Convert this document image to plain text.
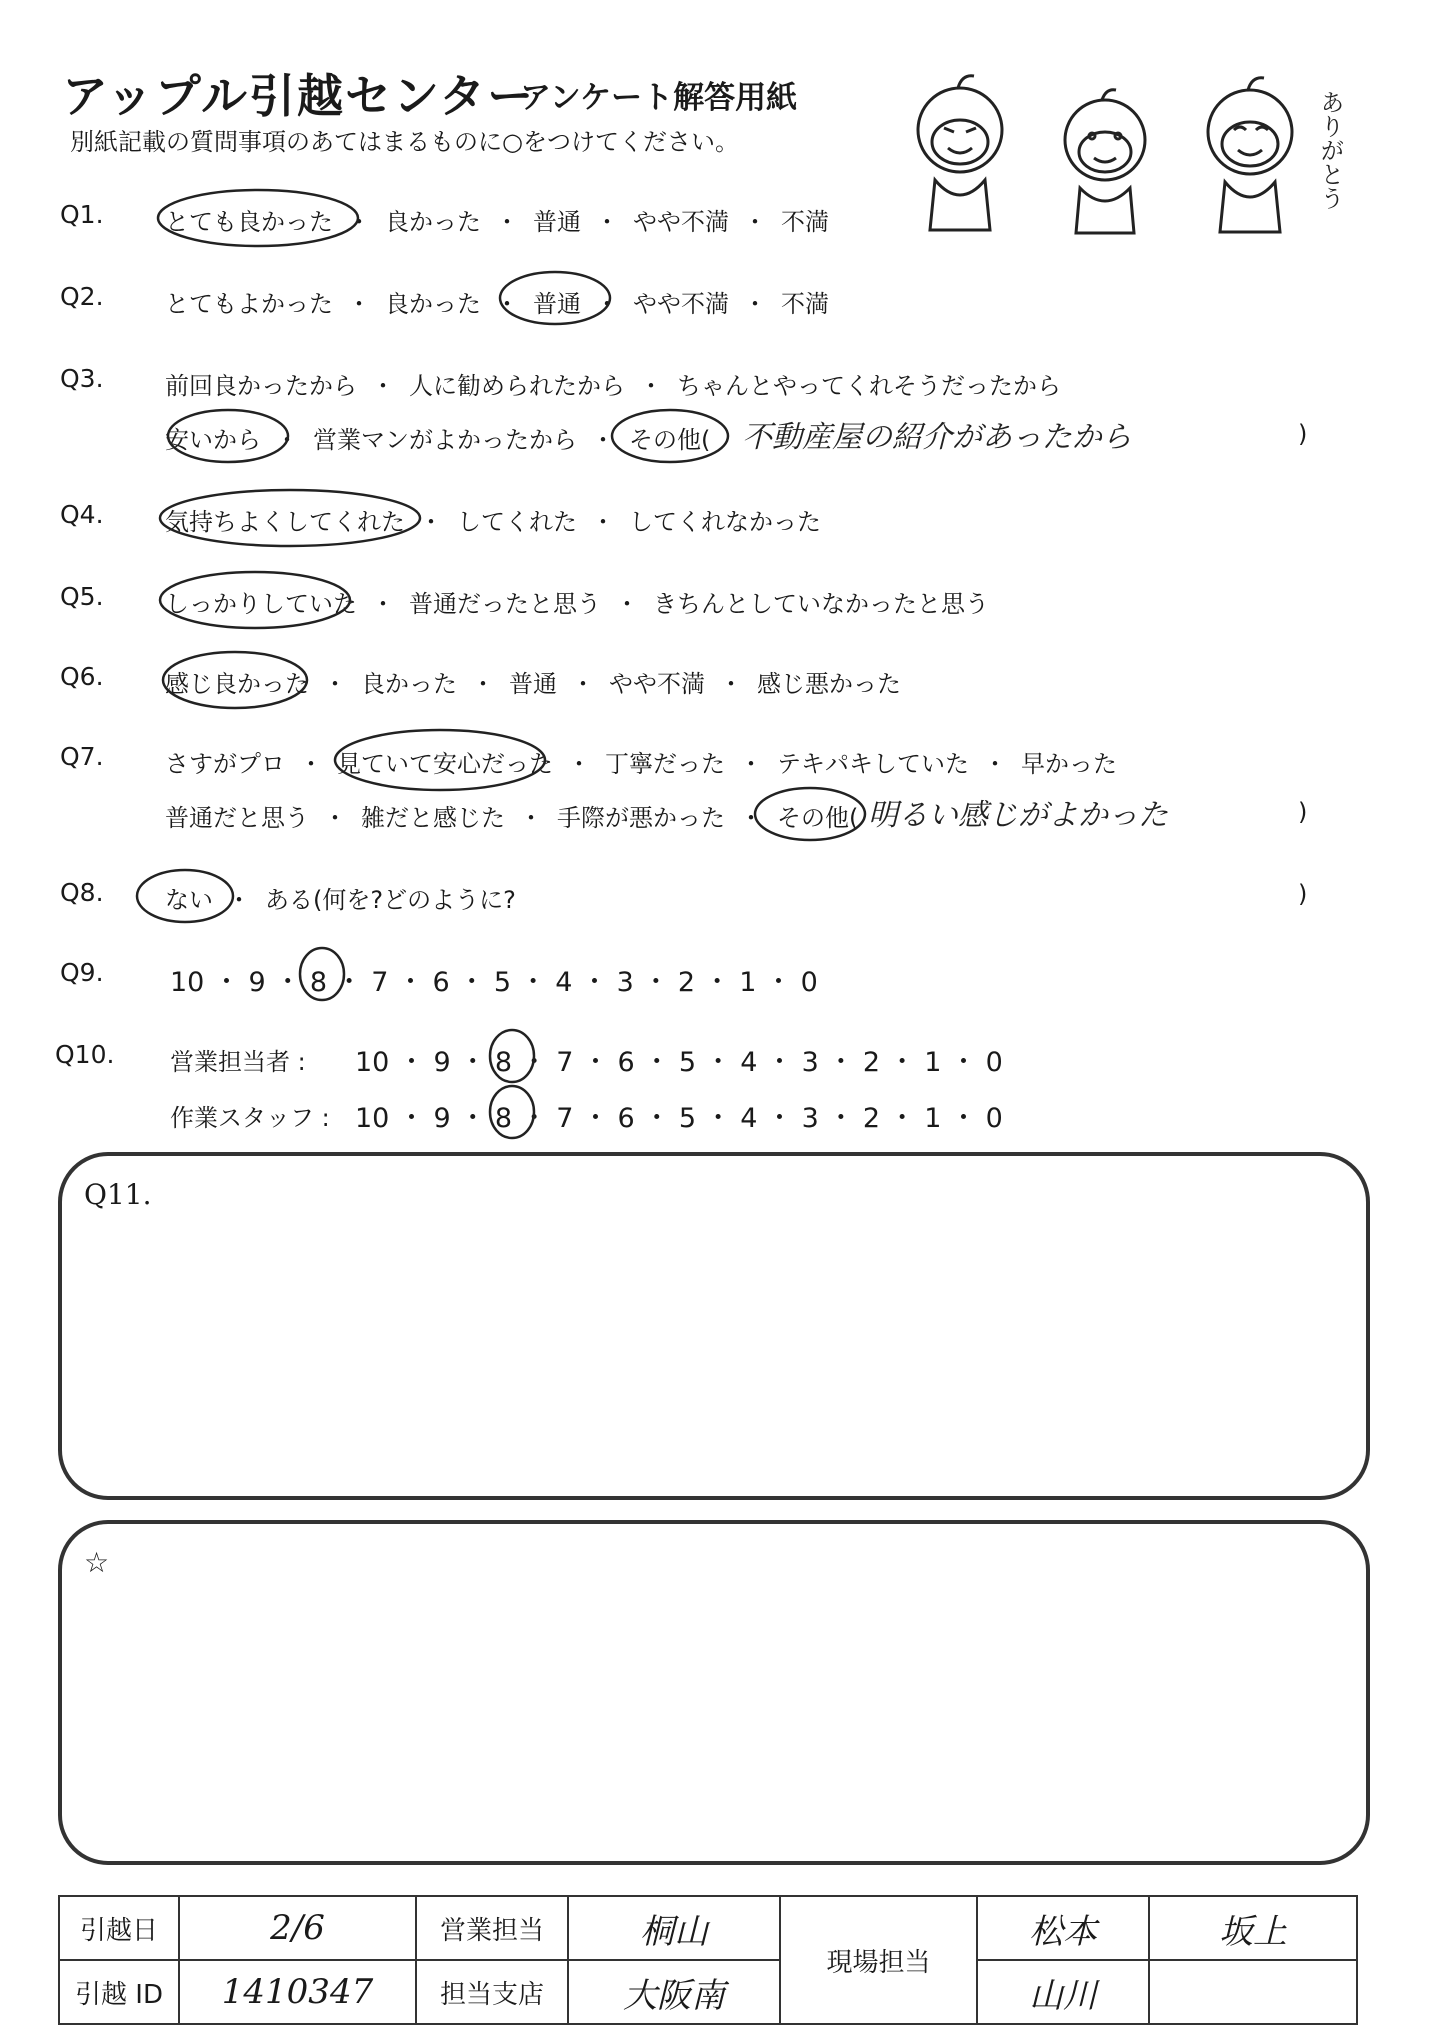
アップル引越センター
アンケート解答用紙
別紙記載の質問事項のあてはまるものに○をつけてください。	ありがとう
Q1.	とても良かった ・ 良かった ・ 普通 ・ やや不満 ・ 不満
Q2.	とてもよかった ・ 良かった ・ 普通 ・ やや不満 ・ 不満
Q3.	前回良かったから ・ 人に勧められたから ・ ちゃんとやってくれそうだったから
安いから ・ 営業マンがよかったから ・ その他( 不動産屋の紹介があったから	)
Q4.	気持ちよくしてくれた ・ してくれた ・ してくれなかった
Q5.	しっかりしていた ・ 普通だったと思う ・ きちんとしていなかったと思う
Q6.	感じ良かった ・ 良かった ・ 普通 ・ やや不満 ・ 感じ悪かった
Q7.	さすがプロ ・ 見ていて安心だった ・ 丁寧だった ・ テキパキしていた ・ 早かった
普通だと思う ・ 雑だと感じた ・ 手際が悪かった ・ その他( 明るい感じがよかった	)
Q8.	ない ・ ある(何を?どのように?	)
Q9. 10 ・ 9 ・ 8 ・ 7 ・ 6 ・ 5 ・ 4 ・ 3 ・ 2 ・ 1 ・ 0
Q10. 営業担当者 : 10 ・ 9 ・ 8 ・ 7 ・ 6 ・ 5 ・ 4 ・ 3 ・ 2 ・ 1 ・ 0
作業スタッフ : 10 ・ 9 ・ 8 ・ 7 ・ 6 ・ 5 ・ 4 ・ 3 ・ 2 ・ 1 ・ 0
Q11.
☆
引越日	2/6	営業担当	桐山	現場担当	松本	坂上
引越 ID	1410347	担当支店	大阪南		山川	
